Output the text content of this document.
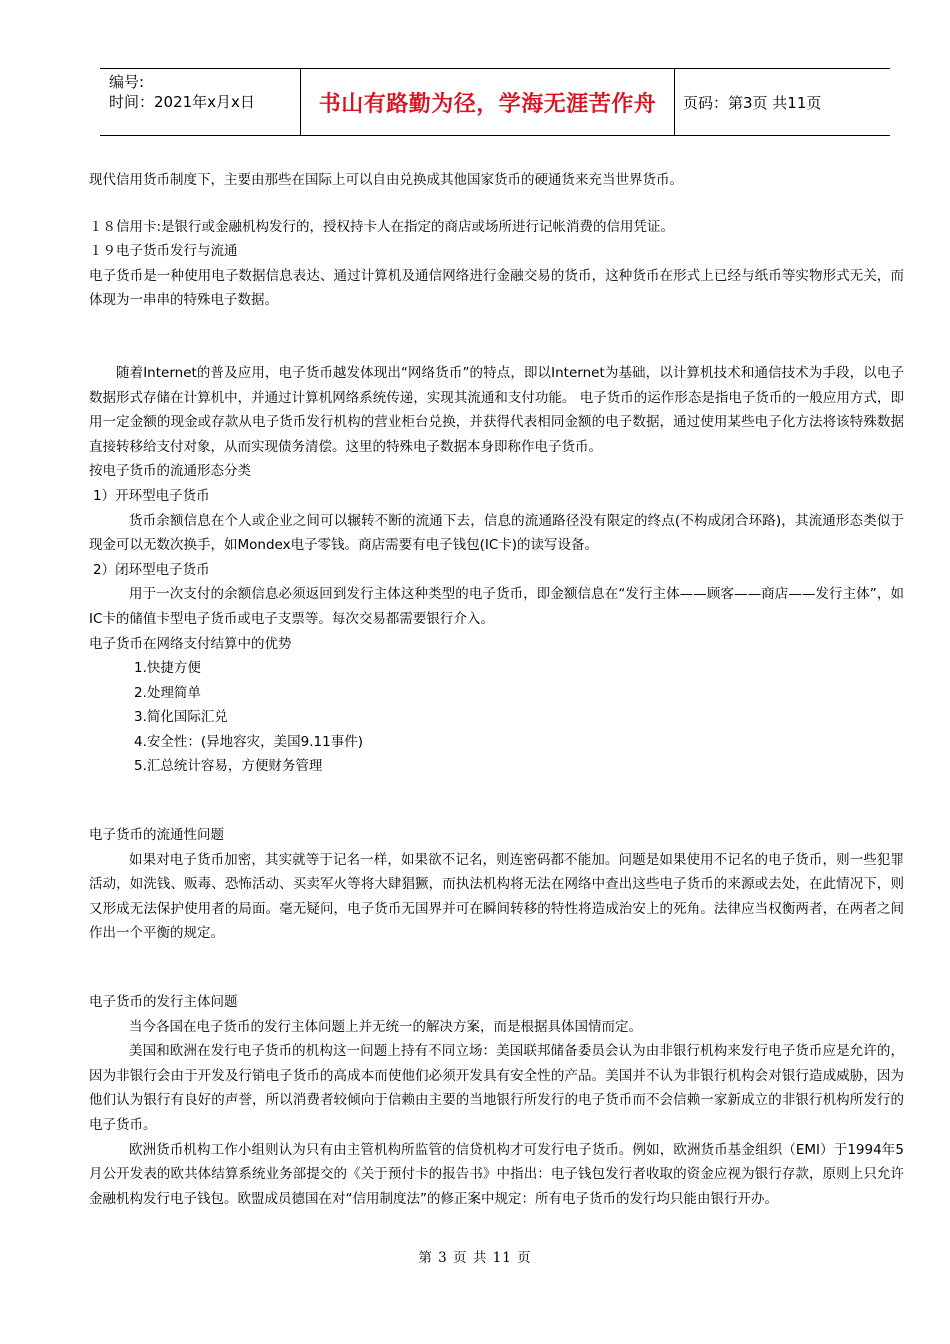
编号:
时间：2021年x月x日	书山有路勤为径，学海无涯苦作舟	页码：第3页 共11页

现代信用货币制度下，主要由那些在国际上可以自由兑换成其他国家货币的硬通货来充当世界货币。

１８信用卡:是银行或金融机构发行的，授权持卡人在指定的商店或场所进行记帐消费的信用凭证。

１９电子货币发行与流通

电子货币是一种使用电子数据信息表达、通过计算机及通信网络进行金融交易的货币，这种货币在形式上已经与纸币等实物形式无关，而体现为一串串的特殊电子数据。

随着Internet的普及应用，电子货币越发体现出“网络货币”的特点，即以Internet为基础，以计算机技术和通信技术为手段，以电子数据形式存储在计算机中，并通过计算机网络系统传递，实现其流通和支付功能。 电子货币的运作形态是指电子货币的一般应用方式，即用一定金额的现金或存款从电子货币发行机构的营业柜台兑换，并获得代表相同金额的电子数据，通过使用某些电子化方法将该特殊数据直接转移给支付对象，从而实现债务清偿。这里的特殊电子数据本身即称作电子货币。

按电子货币的流通形态分类

1）开环型电子货币

货币余额信息在个人或企业之间可以辗转不断的流通下去，信息的流通路径没有限定的终点(不构成闭合环路)，其流通形态类似于现金可以无数次换手，如Mondex电子零钱。商店需要有电子钱包(IC卡)的读写设备。

2）闭环型电子货币

用于一次支付的余额信息必须返回到发行主体这种类型的电子货币，即金额信息在“发行主体——顾客——商店——发行主体”，如IC卡的储值卡型电子货币或电子支票等。每次交易都需要银行介入。

电子货币在网络支付结算中的优势

1.快捷方便

2.处理简单

3.简化国际汇兑

4.安全性：(异地容灾，美国9.11事件)

5.汇总统计容易，方便财务管理

电子货币的流通性问题

如果对电子货币加密，其实就等于记名一样，如果欲不记名，则连密码都不能加。问题是如果使用不记名的电子货币，则一些犯罪活动，如洗钱、贩毒、恐怖活动、买卖军火等将大肆猖獗，而执法机构将无法在网络中查出这些电子货币的来源或去处，在此情况下，则又形成无法保护使用者的局面。毫无疑问，电子货币无国界并可在瞬间转移的特性将造成治安上的死角。法律应当权衡两者，在两者之间作出一个平衡的规定。

电子货币的发行主体问题

当今各国在电子货币的发行主体问题上并无统一的解决方案，而是根据具体国情而定。

美国和欧洲在发行电子货币的机构这一问题上持有不同立场：美国联邦储备委员会认为由非银行机构来发行电子货币应是允许的，因为非银行会由于开发及行销电子货币的高成本而使他们必须开发具有安全性的产品。美国并不认为非银行机构会对银行造成威胁，因为他们认为银行有良好的声誉，所以消费者较倾向于信赖由主要的当地银行所发行的电子货币而不会信赖一家新成立的非银行机构所发行的电子货币。

欧洲货币机构工作小组则认为只有由主管机构所监管的信贷机构才可发行电子货币。例如，欧洲货币基金组织（EMI）于1994年5月公开发表的欧共体结算系统业务部提交的《关于预付卡的报告书》中指出：电子钱包发行者收取的资金应视为银行存款，原则上只允许金融机构发行电子钱包。欧盟成员德国在对“信用制度法”的修正案中规定：所有电子货币的发行均只能由银行开办。

第 3 页 共 11 页
